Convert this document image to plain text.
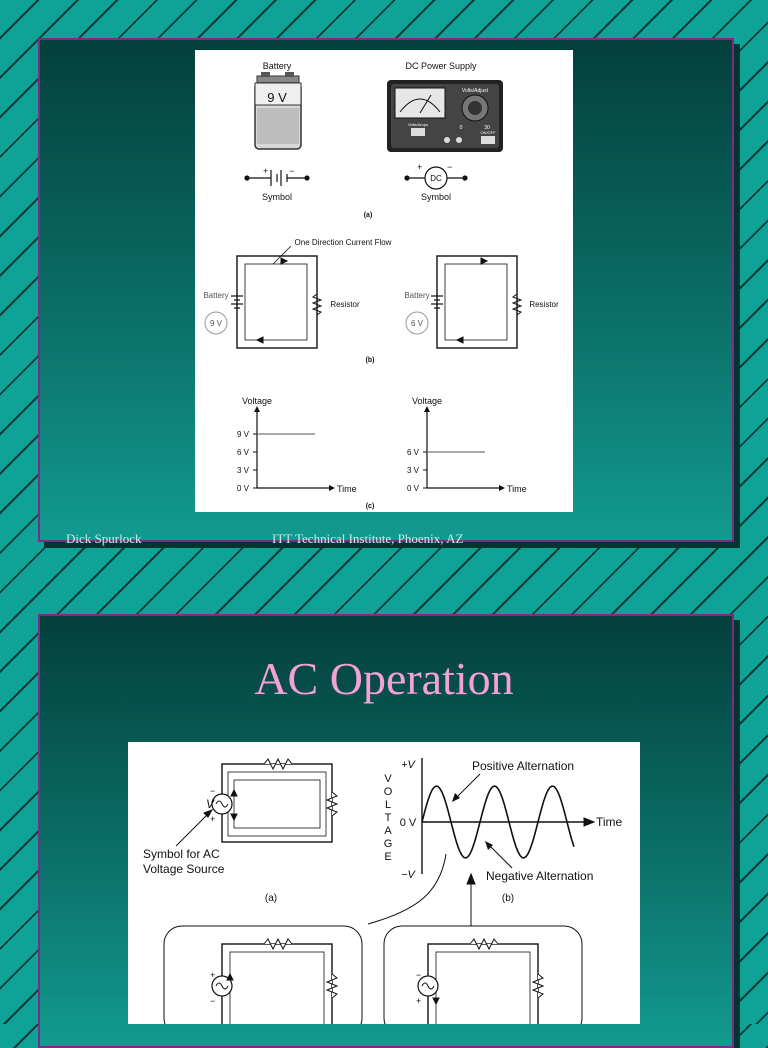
Battery
9 V
DC Power Supply
Volts/Amps
Volts/Adjust
0	30
ON/OFF
+ −
Symbol
DC
+	−
Symbol
(a)
One Direction Current Flow
Battery
Resistor
9 V
Battery
Resistor
6 V
(b)
Voltage
Time
0 V
3 V
6 V
9 V
Voltage
Time
0 V
3 V
6 V
(c)
Dick Spurlock	ITT Technical Institute, Phoenix, AZ
AC Operation
V
−
+
Symbol for AC
Voltage Source
(a)
+V
0 V
−V
V
O
L
T
A
G
E
Time
Positive Alternation
Negative Alternation
(b)
+
−
−
+
